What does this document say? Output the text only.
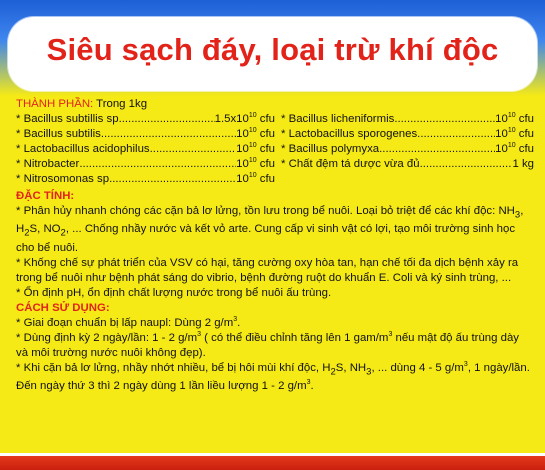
Siêu sạch đáy, loại trừ khí độc
THÀNH PHẦN: Trong 1kg
* Bacillus subtillis sp .....	$1.5x10^{10}$ cfu
* Bacillus subtilis .....	$10^{10}$ cfu
* Lactobacillus acidophilus .....	$10^{10}$ cfu
* Nitrobacter .....	$10^{10}$ cfu
* Nitrosomonas sp .....	$10^{10}$ cfu
* Bacillus licheniformis .....	$10^{10}$ cfu
* Lactobacillus sporogenes .....	$10^{10}$ cfu
* Bacillus polymyxa .....	$10^{10}$ cfu
* Chất đệm tá dược vừa đủ .....	1 kg
ĐẶC TÍNH:

* Phân hủy nhanh chóng các cặn bả lơ lửng, tồn lưu trong bể nuôi. Loại bỏ triệt để các khí độc: $NH_3$, $H_2S$, $NO_2$, ... Chống nhầy nước và kết vỏ arte. Cung cấp vi sinh vật có lợi, tạo môi trường sinh học cho bể nuôi.

* Khống chế sự phát triển của VSV có hại, tăng cường oxy hòa tan, hạn chế tối đa dịch bệnh xảy ra trong bể nuôi như bệnh phát sáng do vibrio, bệnh đường ruột do khuẩn E. Coli và ký sinh trùng, ...

* Ổn định pH, ổn định chất lượng nước trong bể nuôi ấu trùng.

CÁCH SỬ DỤNG:

* Giai đoạn chuẩn bị lấp naupl: Dùng 2 $g/m^3$.

* Dùng định kỳ 2 ngày/lần: 1 - 2 $g/m^3$ ( có thể điều chỉnh tăng lên 1 gam/$m^3$ nếu mật độ ấu trùng dày và môi trường nước nuôi không đẹp).

* Khi cặn bả lơ lửng, nhầy nhớt nhiều, bể bị hôi mùi khí độc, $H_2S$, $NH_3$, ... dùng 4 - 5 $g/m^3$, 1 ngày/lần. Đến ngày thứ 3 thì 2 ngày dùng 1 lần liều lượng 1 - 2 $g/m^3$.
